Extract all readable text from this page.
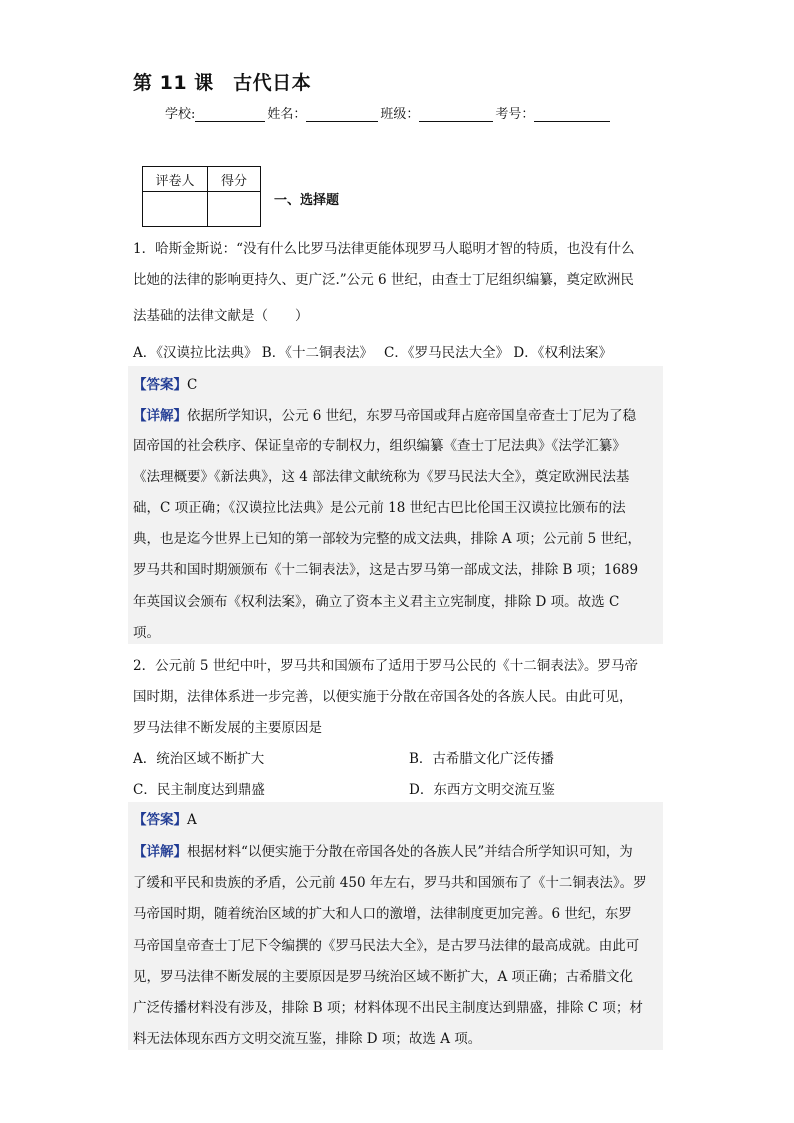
第 11 课　古代日本
学校:	姓名：	班级：	考号：
评卷人	得分

一、选择题
1．哈斯金斯说：“没有什么比罗马法律更能体现罗马人聪明才智的特质，也没有什么
比她的法律的影响更持久、更广泛.”公元 6 世纪，由查士丁尼组织编纂，奠定欧洲民
法基础的法律文献是（　　）
A．《汉谟拉比法典》 B．《十二铜表法》　 C．《罗马民法大全》 D．《权利法案》
【答案】C
【详解】依据所学知识，公元 6 世纪，东罗马帝国或拜占庭帝国皇帝查士丁尼为了稳
固帝国的社会秩序、保证皇帝的专制权力，组织编纂《查士丁尼法典》《法学汇纂》
《法理概要》《新法典》，这 4 部法律文献统称为《罗马民法大全》，奠定欧洲民法基
础，C 项正确；《汉谟拉比法典》是公元前 18 世纪古巴比伦国王汉谟拉比颁布的法
典，也是迄今世界上已知的第一部较为完整的成文法典，排除 A 项；公元前 5 世纪，
罗马共和国时期颁颁布《十二铜表法》，这是古罗马第一部成文法，排除 B 项；1689
年英国议会颁布《权利法案》，确立了资本主义君主立宪制度，排除 D 项。故选 C
项。
2．公元前 5 世纪中叶，罗马共和国颁布了适用于罗马公民的《十二铜表法》。罗马帝
国时期，法律体系进一步完善，以便实施于分散在帝国各处的各族人民。由此可见，
罗马法律不断发展的主要原因是
A．统治区域不断扩大	B．古希腊文化广泛传播
C．民主制度达到鼎盛	D．东西方文明交流互鉴
【答案】A
【详解】根据材料“以便实施于分散在帝国各处的各族人民”并结合所学知识可知，为
了缓和平民和贵族的矛盾，公元前 450 年左右，罗马共和国颁布了《十二铜表法》。罗
马帝国时期，随着统治区域的扩大和人口的激增，法律制度更加完善。6 世纪，东罗
马帝国皇帝查士丁尼下令编撰的《罗马民法大全》，是古罗马法律的最高成就。由此可
见，罗马法律不断发展的主要原因是罗马统治区域不断扩大，A 项正确；古希腊文化
广泛传播材料没有涉及，排除 B 项；材料体现不出民主制度达到鼎盛，排除 C 项；材
料无法体现东西方文明交流互鉴，排除 D 项；故选 A 项。
